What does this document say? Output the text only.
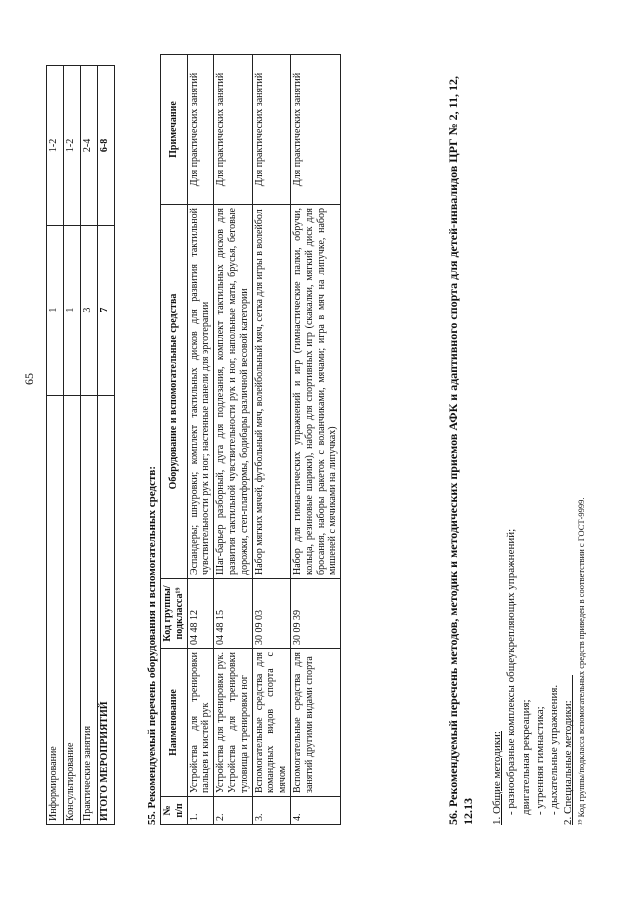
65
Информирование	1	1-2
Консультирование	1	1-2
Практические занятия	3	2-4
ИТОГО МЕРОПРИЯТИЙ	7	6-8
55. Рекомендуемый перечень оборудования и вспомогательных средств: № п/п	Наименование	Код группы/ подкласса¹⁹	Оборудование и вспомогательные средства	Примечание
1.	Устройства для тренировки пальцев и кистей рук	04 48 12	Эспандеры; шнуровки; комплект тактильных дисков для развития тактильной чувствительности рук и ног; настенные панели для эрготерапии	Для практических занятий
2.	Устройства для тренировки рук. Устройства для тренировки туловища и тренировки ног	04 48 15	Шаг-барьер разборный, дуга для подлезания, комплект тактильных дисков для развития тактильной чувствительности рук и ног, напольные маты, брусья, беговые дорожки, степ-платформы, бодибары различной весовой категории	Для практических занятий
3.	Вспомогательные средства для командных видов спорта с мячом	30 09 03	Набор мягких мячей, футбольный мяч, волейбольный мяч, сетка для игры в волейбол	Для практических занятий
4.	Вспомогательные средства для занятий другими видами спорта	30 09 39	Набор для гимнастических упражнений и игр (гимнастические палки, обручи, кольца, резиновые шарики), набор для спортивных игр (скакалки, мягкий диск для бросания, наборы ракеток с воланчиками, мячами; игра в мяч на липучке, набор мишеней с мячиками на липучках)	Для практических занятий	56. Рекомендуемый перечень методов, методик и методических приемов АФК и адаптивного спорта для детей-инвалидов ЦРГ № 2, 11, 12, 12.13 1. Общие методики: - разнообразные комплексы общеукрепляющих упражнений; двигательная рекреация; - утренняя гимнастика; - дыхательные упражнения. 2. Специальные методики: ¹⁹ Код группы/подкласса вспомогательных средств приведен в соответствии с ГОСТ-9999.
